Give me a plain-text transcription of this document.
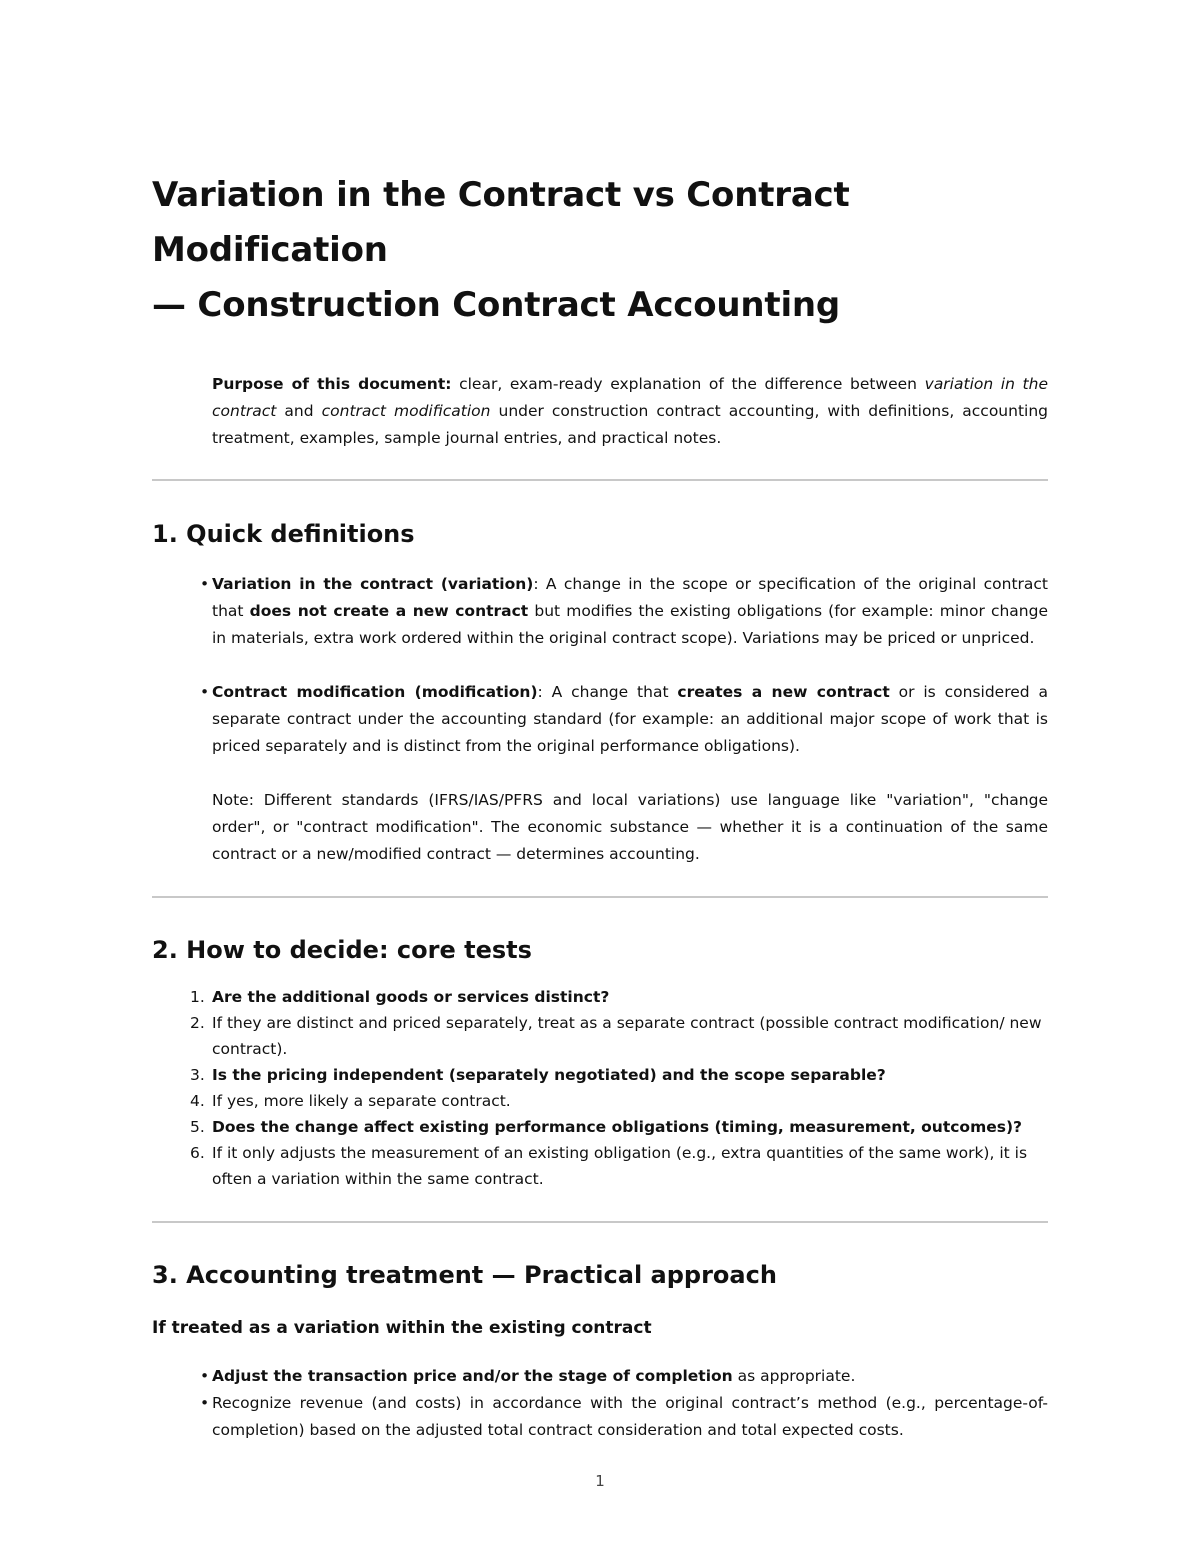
Variation in the Contract vs Contract Modification
— Construction Contract Accounting

Purpose of this document: clear, exam-ready explanation of the difference between variation in the contract and contract modification under construction contract accounting, with definitions, accounting treatment, examples, sample journal entries, and practical notes.

1. Quick definitions
• Variation in the contract (variation): A change in the scope or specification of the original contract that does not create a new contract but modifies the existing obligations (for example: minor change in materials, extra work ordered within the original contract scope). Variations may be priced or unpriced.
• Contract modification (modification): A change that creates a new contract or is considered a separate contract under the accounting standard (for example: an additional major scope of work that is priced separately and is distinct from the original performance obligations).

Note: Different standards (IFRS/IAS/PFRS and local variations) use language like "variation", "change order", or "contract modification". The economic substance — whether it is a continuation of the same contract or a new/modified contract — determines accounting.

2. How to decide: core tests
1. Are the additional goods or services distinct?
2. If they are distinct and priced separately, treat as a separate contract (possible contract modification/ new contract).
3. Is the pricing independent (separately negotiated) and the scope separable?
4. If yes, more likely a separate contract.
5. Does the change affect existing performance obligations (timing, measurement, outcomes)?
6. If it only adjusts the measurement of an existing obligation (e.g., extra quantities of the same work), it is often a variation within the same contract.
3. Accounting treatment — Practical approach
If treated as a variation within the existing contract
• Adjust the transaction price and/or the stage of completion as appropriate.
• Recognize revenue (and costs) in accordance with the original contract’s method (e.g., percentage-of-completion) based on the adjusted total contract consideration and total expected costs.
1
